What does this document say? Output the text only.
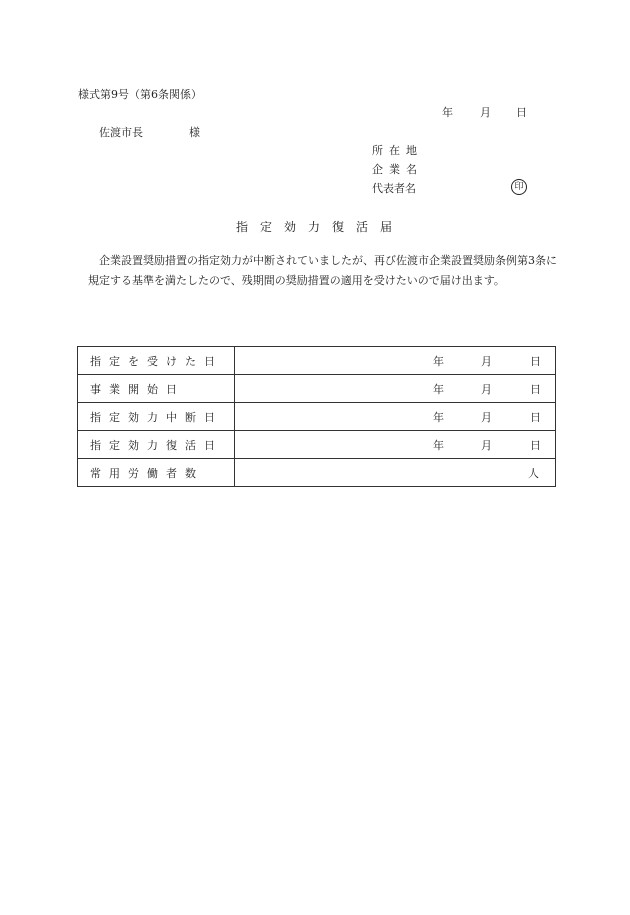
様式第9号（第6条関係）
年 月 日
佐渡市長	様
所在地
企業名
代表者名	印
指定効力復活届
企業設置奨励措置の指定効力が中断されていましたが、再び佐渡市企業設置奨励条例第3条に規定する基準を満たしたので、残期間の奨励措置の適用を受けたいので届け出ます。
指定を受けた日	年 月 日

事業開始日	年 月 日

指定効力中断日	年 月 日

指定効力復活日	年 月 日

常用労働者数	人
